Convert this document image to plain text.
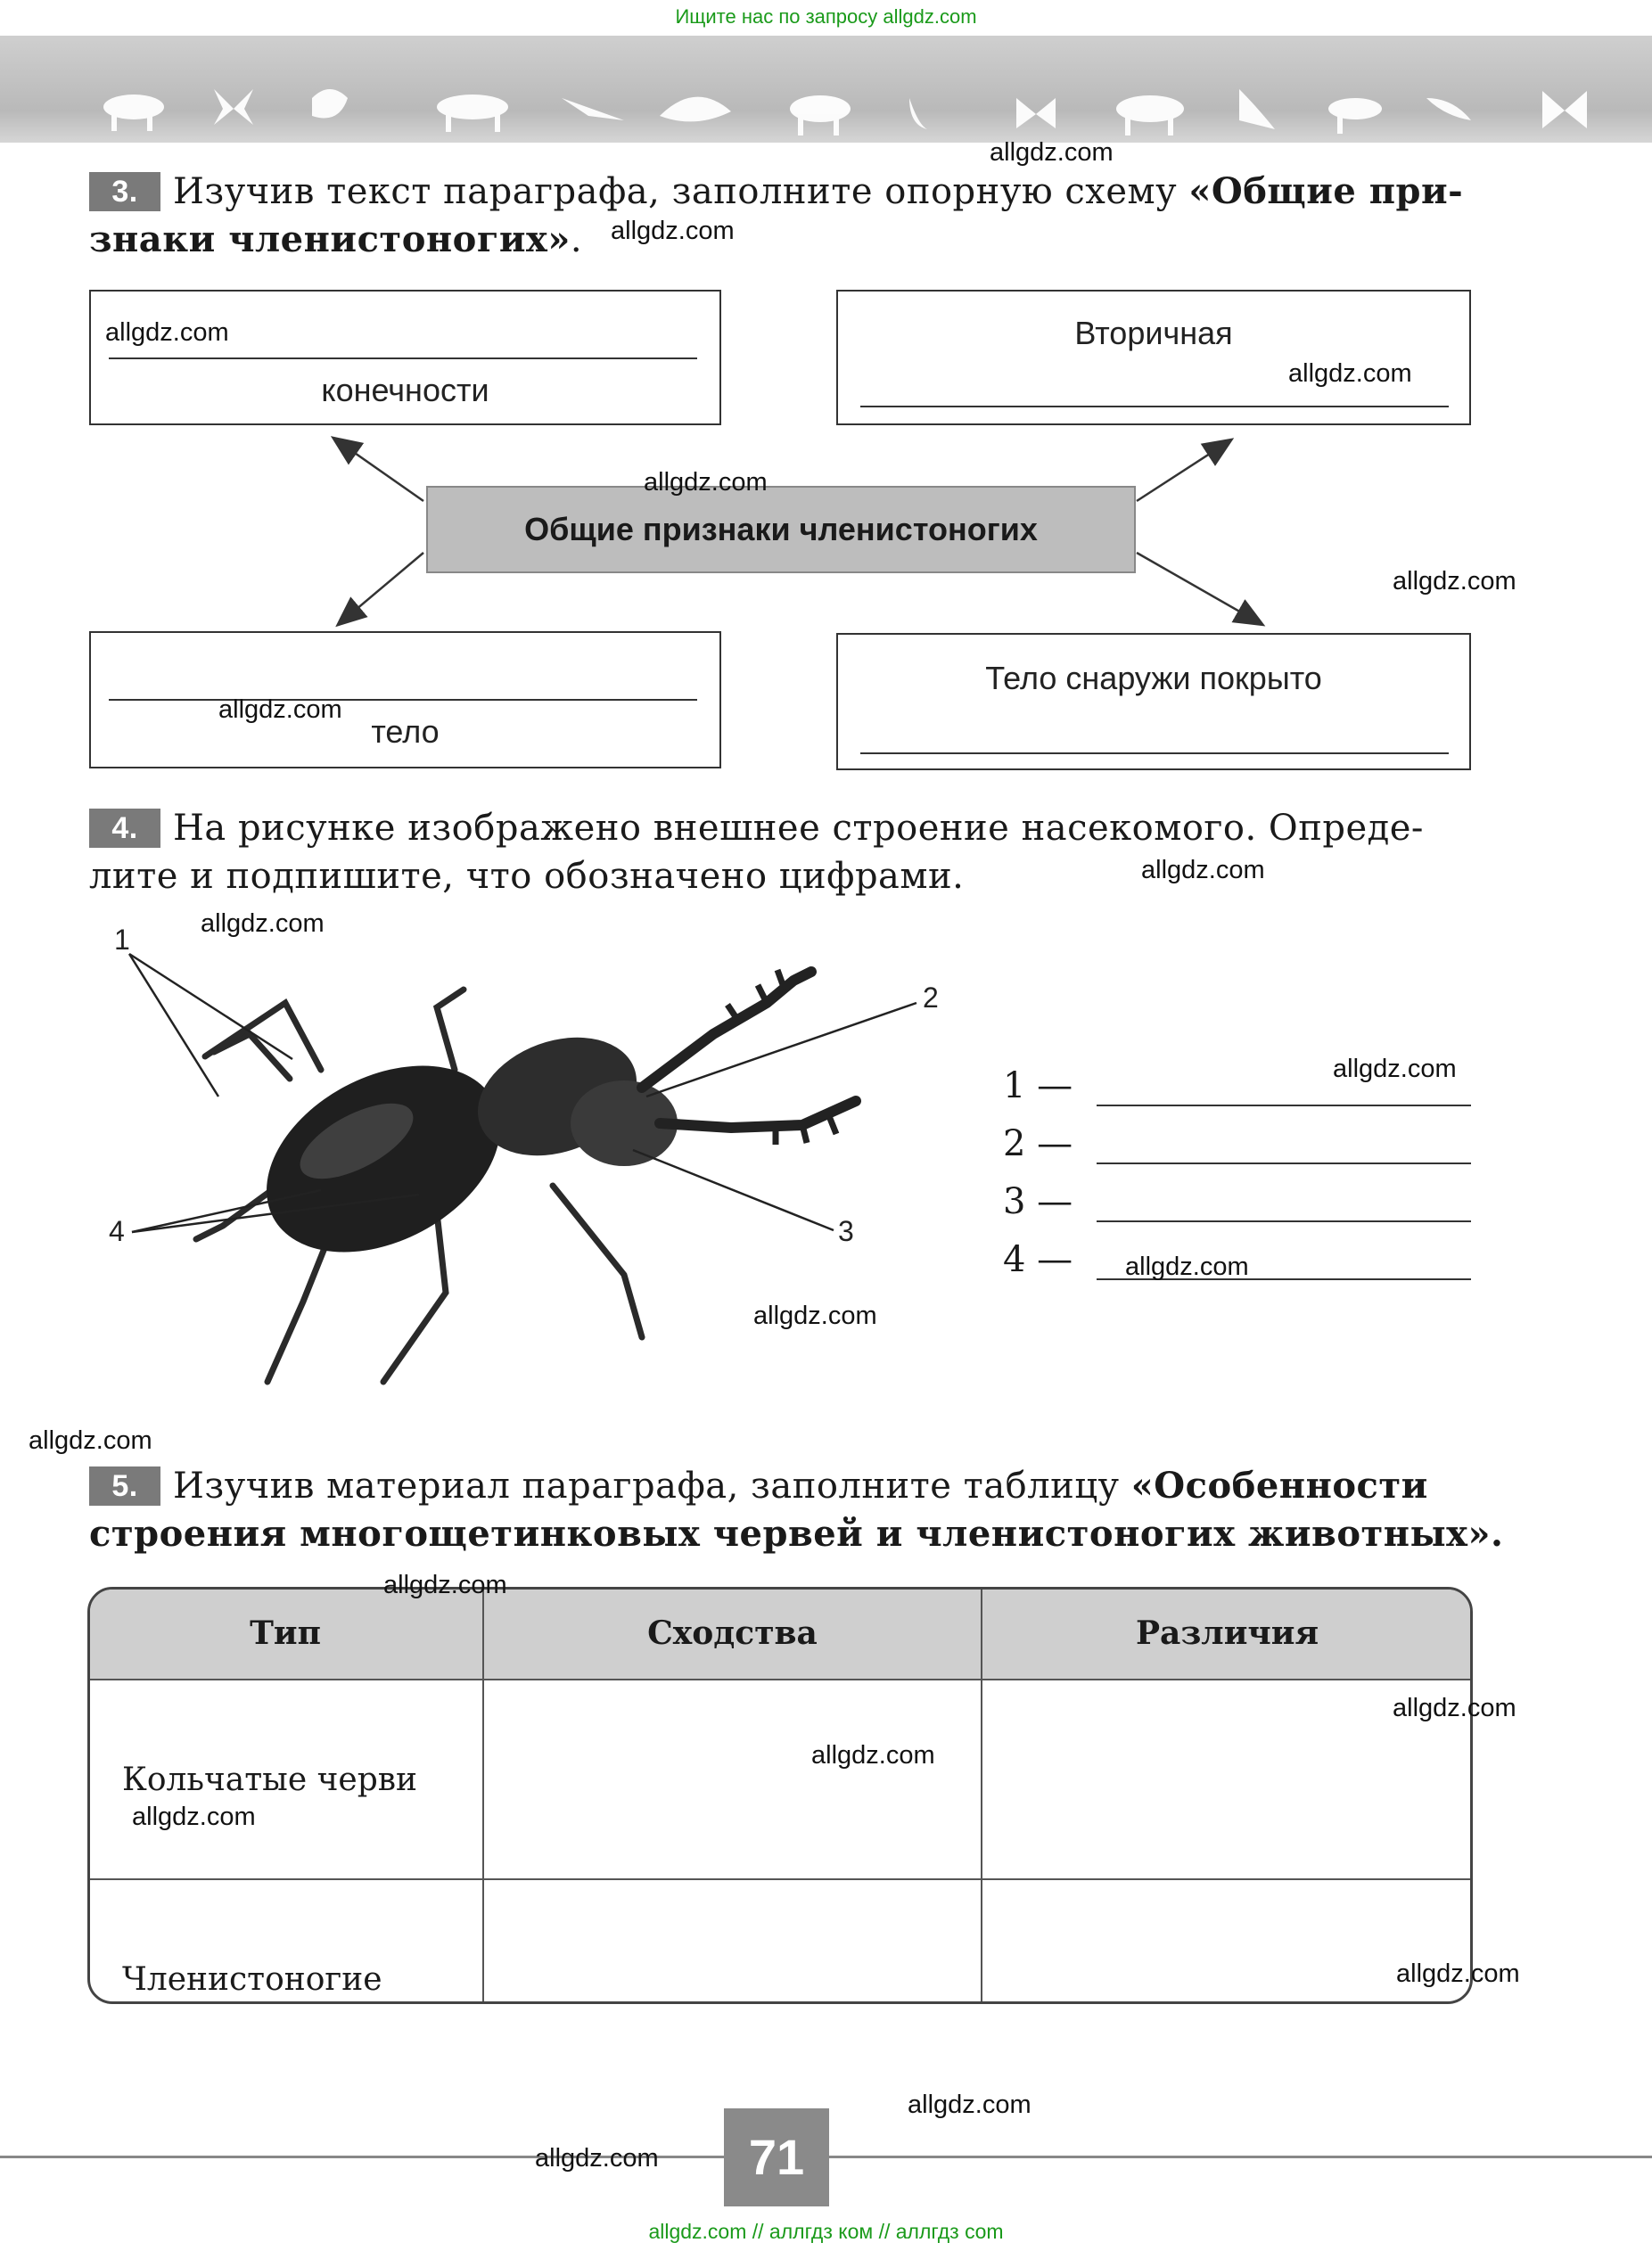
Ищите нас по запросу allgdz.com
3. Изучив текст параграфа, заполните опорную схему «Общие при-
знаки членистоногих».
конечности
Вторичная
Общие признаки членистоногих
тело
Тело снаружи покрыто
4. На рисунке изображено внешнее строение насекомого. Опреде-
лите и подпишите, что обозначено цифрами.
1
2
3
4
1 —
2 —
3 —
4 —
5. Изучив материал параграфа, заполните таблицу «Особенности
строения многощетинковых червей и членистоногих животных».
Тип	Сходства	Различия
Кольчатые черви		
Членистоногие		
71
allgdz.com // аллгдз ком // аллгдз com
allgdz.com
allgdz.com
allgdz.com
allgdz.com
allgdz.com
allgdz.com
allgdz.com
allgdz.com
allgdz.com
allgdz.com
allgdz.com
allgdz.com
allgdz.com
allgdz.com
allgdz.com
allgdz.com
allgdz.com
allgdz.com
allgdz.com
allgdz.com
